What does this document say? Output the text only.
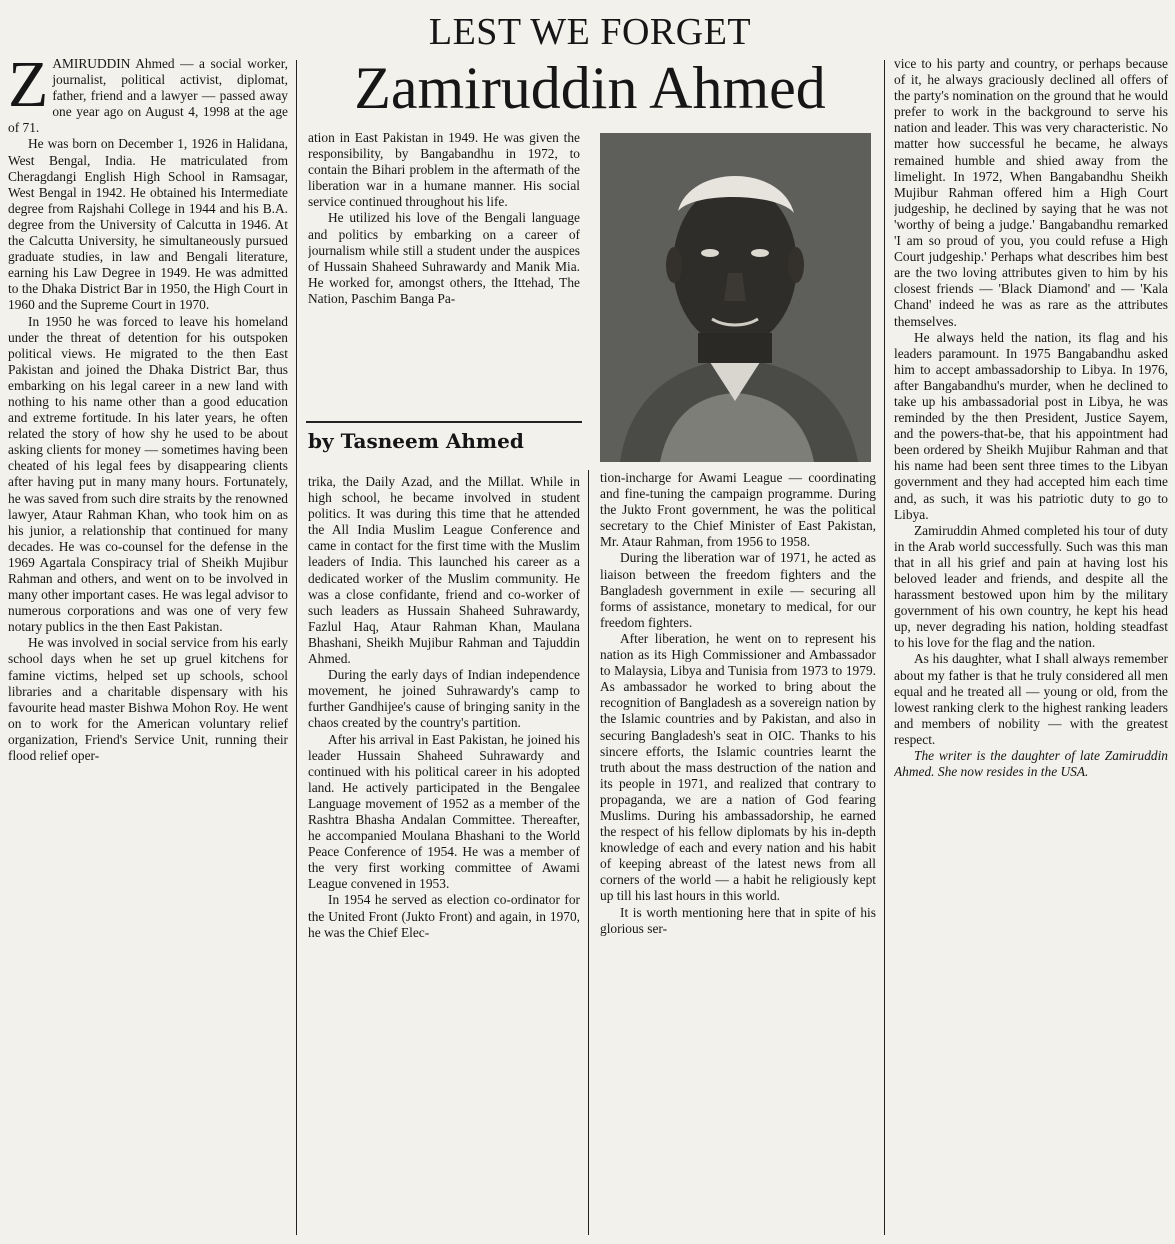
LEST WE FORGET
Zamiruddin Ahmed

ZAMIRUDDIN Ahmed — a social worker, journalist, political activist, diplomat, father, friend and a lawyer — passed away one year ago on August 4, 1998 at the age of 71.

He was born on December 1, 1926 in Halidana, West Bengal, India. He matriculated from Cheragdangi English High School in Ramsagar, West Bengal in 1942. He obtained his Intermediate degree from Rajshahi College in 1944 and his B.A. degree from the University of Calcutta in 1946. At the Calcutta University, he simultaneously pursued graduate studies, in law and Bengali literature, earning his Law Degree in 1949. He was admitted to the Dhaka District Bar in 1950, the High Court in 1960 and the Supreme Court in 1970.

In 1950 he was forced to leave his homeland under the threat of detention for his outspoken political views. He migrated to the then East Pakistan and joined the Dhaka District Bar, thus embarking on his legal career in a new land with nothing to his name other than a good education and extreme fortitude. In his later years, he often related the story of how shy he used to be about asking clients for money — sometimes having been cheated of his legal fees by disappearing clients after having put in many many hours. Fortunately, he was saved from such dire straits by the renowned lawyer, Ataur Rahman Khan, who took him on as his junior, a relationship that continued for many decades. He was co-counsel for the defense in the 1969 Agartala Conspiracy trial of Sheikh Mujibur Rahman and others, and went on to be involved in many other important cases. He was legal advisor to numerous corporations and was one of very few notary publics in the then East Pakistan.

He was involved in social service from his early school days when he set up gruel kitchens for famine victims, helped set up schools, school libraries and a charitable dispensary with his favourite head master Bishwa Mohon Roy. He went on to work for the American voluntary relief organization, Friend's Service Unit, running their flood relief oper-

ation in East Pakistan in 1949. He was given the responsibility, by Bangabandhu in 1972, to contain the Bihari problem in the aftermath of the liberation war in a humane manner. His social service continued throughout his life.

He utilized his love of the Bengali language and politics by embarking on a career of journalism while still a student under the auspices of Hussain Shaheed Suhrawardy and Manik Mia. He worked for, amongst others, the Ittehad, The Nation, Paschim Banga Pa-

by Tasneem Ahmed

trika, the Daily Azad, and the Millat. While in high school, he became involved in student politics. It was during this time that he attended the All India Muslim League Conference and came in contact for the first time with the Muslim leaders of India. This launched his career as a dedicated worker of the Muslim community. He was a close confidante, friend and co-worker of such leaders as Hussain Shaheed Suhrawardy, Fazlul Haq, Ataur Rahman Khan, Maulana Bhashani, Sheikh Mujibur Rahman and Tajuddin Ahmed.

During the early days of Indian independence movement, he joined Suhrawardy's camp to further Gandhijee's cause of bringing sanity in the chaos created by the country's partition.

After his arrival in East Pakistan, he joined his leader Hussain Shaheed Suhrawardy and continued with his political career in his adopted land. He actively participated in the Bengalee Language movement of 1952 as a member of the Rashtra Bhasha Andalan Committee. Thereafter, he accompanied Moulana Bhashani to the World Peace Conference of 1954. He was a member of the very first working committee of Awami League convened in 1953.

In 1954 he served as election co-ordinator for the United Front (Jukto Front) and again, in 1970, he was the Chief Elec-

tion-incharge for Awami League — coordinating and fine-tuning the campaign programme. During the Jukto Front government, he was the political secretary to the Chief Minister of East Pakistan, Mr. Ataur Rahman, from 1956 to 1958.

During the liberation war of 1971, he acted as liaison between the freedom fighters and the Bangladesh government in exile — securing all forms of assistance, monetary to medical, for our freedom fighters.

After liberation, he went on to represent his nation as its High Commissioner and Ambassador to Malaysia, Libya and Tunisia from 1973 to 1979. As ambassador he worked to bring about the recognition of Bangladesh as a sovereign nation by the Islamic countries and by Pakistan, and also in securing Bangladesh's seat in OIC. Thanks to his sincere efforts, the Islamic countries learnt the truth about the mass destruction of the nation and its people in 1971, and realized that contrary to propaganda, we are a nation of God fearing Muslims. During his ambassadorship, he earned the respect of his fellow diplomats by his in-depth knowledge of each and every nation and his habit of keeping abreast of the latest news from all corners of the world — a habit he religiously kept up till his last hours in this world.

It is worth mentioning here that in spite of his glorious ser-

vice to his party and country, or perhaps because of it, he always graciously declined all offers of the party's nomination on the ground that he would prefer to work in the background to serve his nation and leader. This was very characteristic. No matter how successful he became, he always remained humble and shied away from the limelight. In 1972, When Bangabandhu Sheikh Mujibur Rahman offered him a High Court judgeship, he declined by saying that he was not 'worthy of being a judge.' Bangabandhu remarked 'I am so proud of you, you could refuse a High Court judgeship.' Perhaps what describes him best are the two loving attributes given to him by his closest friends — 'Black Diamond' and — 'Kala Chand' indeed he was as rare as the attributes themselves.

He always held the nation, its flag and his leaders paramount. In 1975 Bangabandhu asked him to accept ambassadorship to Libya. In 1976, after Bangabandhu's murder, when he declined to take up his ambassadorial post in Libya, he was reminded by the then President, Justice Sayem, and the powers-that-be, that his appointment had been ordered by Sheikh Mujibur Rahman and that his name had been sent three times to the Libyan government and they had accepted him each time and, as such, it was his patriotic duty to go to Libya.

Zamiruddin Ahmed completed his tour of duty in the Arab world successfully. Such was this man that in all his grief and pain at having lost his beloved leader and friends, and despite all the harassment bestowed upon him by the military government of his own country, he kept his head up, never degrading his nation, holding steadfast to his love for the flag and the nation.

As his daughter, what I shall always remember about my father is that he truly considered all men equal and he treated all — young or old, from the lowest ranking clerk to the highest ranking leaders and members of nobility — with the greatest respect.

The writer is the daughter of late Zamiruddin Ahmed. She now resides in the USA.
